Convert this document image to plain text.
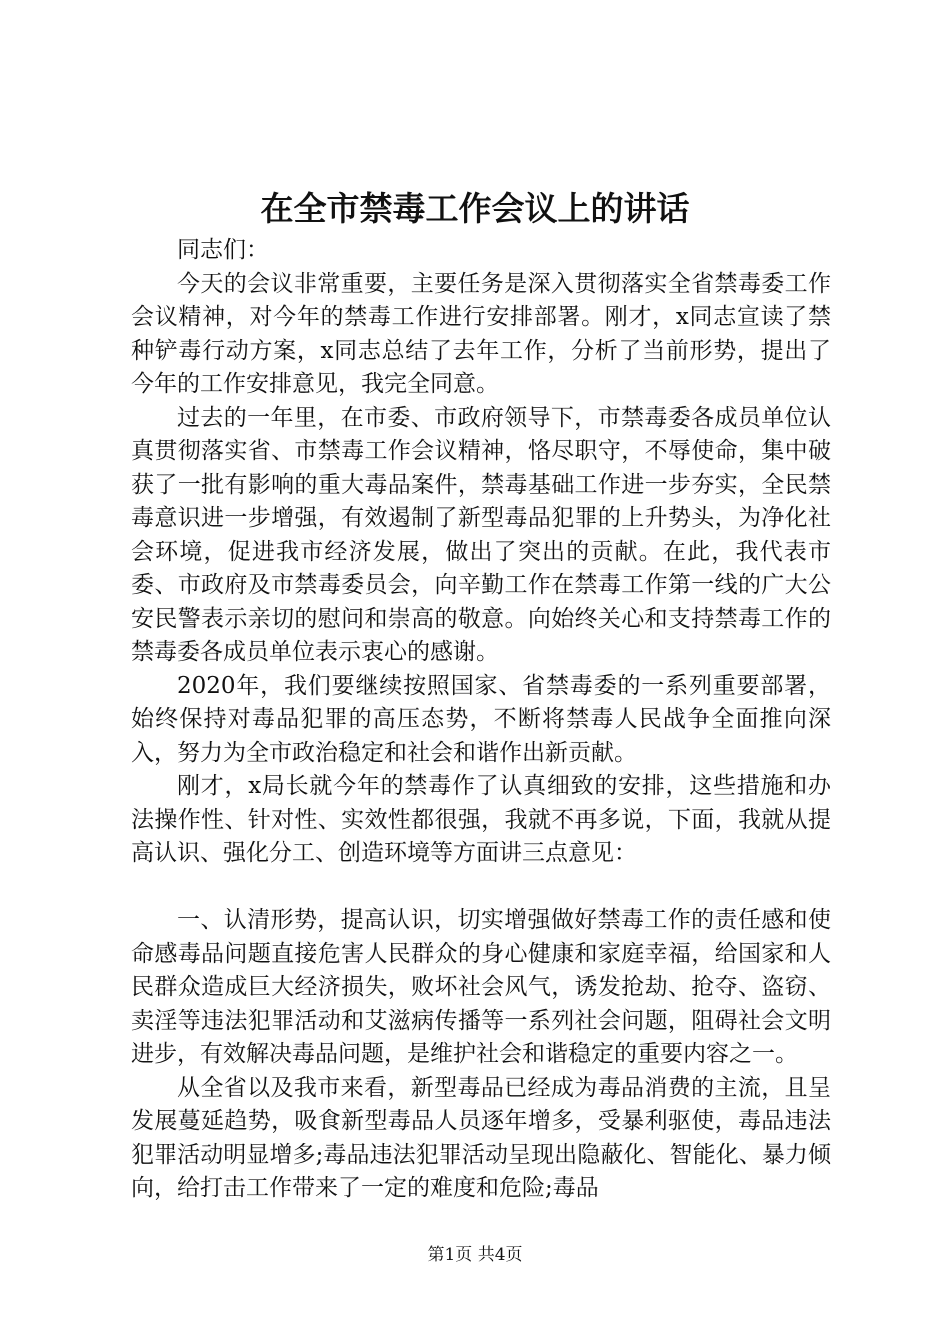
在全市禁毒工作会议上的讲话

同志们：

今天的会议非常重要，主要任务是深入贯彻落实全省禁毒委工作会议精神，对今年的禁毒工作进行安排部署。刚才，x同志宣读了禁种铲毒行动方案，x同志总结了去年工作，分析了当前形势，提出了今年的工作安排意见，我完全同意。

过去的一年里，在市委、市政府领导下，市禁毒委各成员单位认真贯彻落实省、市禁毒工作会议精神，恪尽职守，不辱使命，集中破获了一批有影响的重大毒品案件，禁毒基础工作进一步夯实，全民禁毒意识进一步增强，有效遏制了新型毒品犯罪的上升势头，为净化社会环境，促进我市经济发展，做出了突出的贡献。在此，我代表市委、市政府及市禁毒委员会，向辛勤工作在禁毒工作第一线的广大公安民警表示亲切的慰问和崇高的敬意。向始终关心和支持禁毒工作的禁毒委各成员单位表示衷心的感谢。

2020年，我们要继续按照国家、省禁毒委的一系列重要部署，始终保持对毒品犯罪的高压态势，不断将禁毒人民战争全面推向深入，努力为全市政治稳定和社会和谐作出新贡献。

刚才，x局长就今年的禁毒作了认真细致的安排，这些措施和办法操作性、针对性、实效性都很强，我就不再多说，下面，我就从提高认识、强化分工、创造环境等方面讲三点意见：

一、认清形势，提高认识，切实增强做好禁毒工作的责任感和使命感毒品问题直接危害人民群众的身心健康和家庭幸福，给国家和人民群众造成巨大经济损失，败坏社会风气，诱发抢劫、抢夺、盗窃、卖淫等违法犯罪活动和艾滋病传播等一系列社会问题，阻碍社会文明进步，有效解决毒品问题，是维护社会和谐稳定的重要内容之一。

从全省以及我市来看，新型毒品已经成为毒品消费的主流，且呈发展蔓延趋势，吸食新型毒品人员逐年增多，受暴利驱使，毒品违法犯罪活动明显增多;毒品违法犯罪活动呈现出隐蔽化、智能化、暴力倾向，给打击工作带来了一定的难度和危险;毒品

第1页 共4页
